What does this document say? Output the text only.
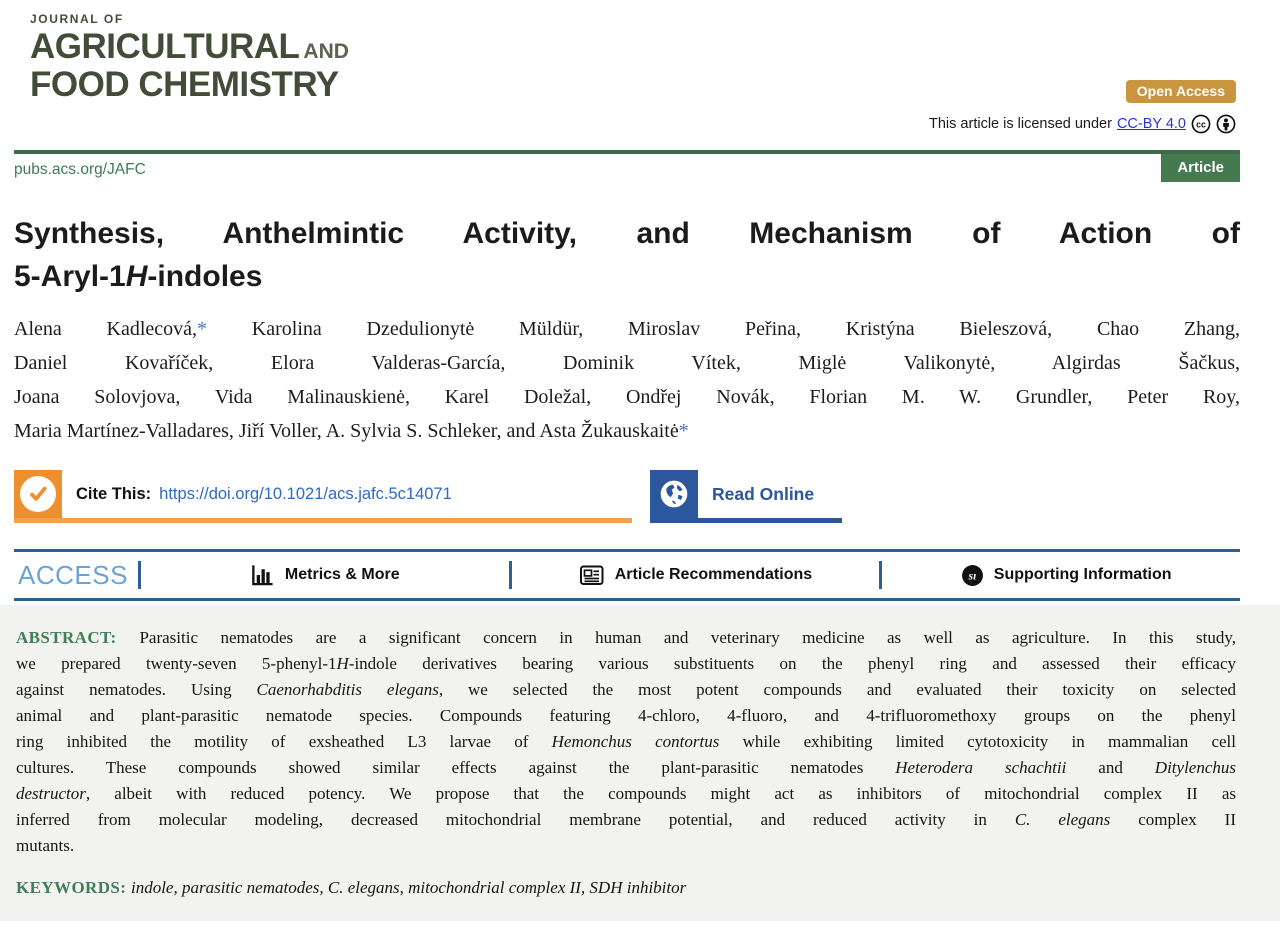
JOURNAL OF
AGRICULTURAL AND
FOOD CHEMISTRY	Open Access
This article is licensed under CC-BY 4.0 cc
pubs.acs.org/JAFC	Article
Synthesis, Anthelmintic Activity, and Mechanism of Action of
5-Aryl-1H-indoles
Alena Kadlecová,* Karolina Dzedulionytė Müldür, Miroslav Peřina, Kristýna Bieleszová, Chao Zhang,
Daniel Kovaříček, Elora Valderas-García, Dominik Vítek, Miglė Valikonytė, Algirdas Šačkus,
Joana Solovjova, Vida Malinauskienė, Karel Doležal, Ondřej Novák, Florian M. W. Grundler, Peter Roy,
Maria Martínez-Valladares, Jiří Voller, A. Sylvia S. Schleker, and Asta Žukauskaitė*
Cite This: https://doi.org/10.1021/acs.jafc.5c14071	Read Online
ACCESS	Metrics & More	Article Recommendations	sı Supporting Information
ABSTRACT: Parasitic nematodes are a significant concern in human and veterinary medicine as well as agriculture. In this study,
we prepared twenty-seven 5-phenyl-1H-indole derivatives bearing various substituents on the phenyl ring and assessed their efficacy
against nematodes. Using Caenorhabditis elegans, we selected the most potent compounds and evaluated their toxicity on selected
animal and plant-parasitic nematode species. Compounds featuring 4-chloro, 4-fluoro, and 4-trifluoromethoxy groups on the phenyl
ring inhibited the motility of exsheathed L3 larvae of Hemonchus contortus while exhibiting limited cytotoxicity in mammalian cell
cultures. These compounds showed similar effects against the plant-parasitic nematodes Heterodera schachtii and Ditylenchus
destructor, albeit with reduced potency. We propose that the compounds might act as inhibitors of mitochondrial complex II as
inferred from molecular modeling, decreased mitochondrial membrane potential, and reduced activity in C. elegans complex II
mutants.
KEYWORDS: indole, parasitic nematodes, C. elegans, mitochondrial complex II, SDH inhibitor
